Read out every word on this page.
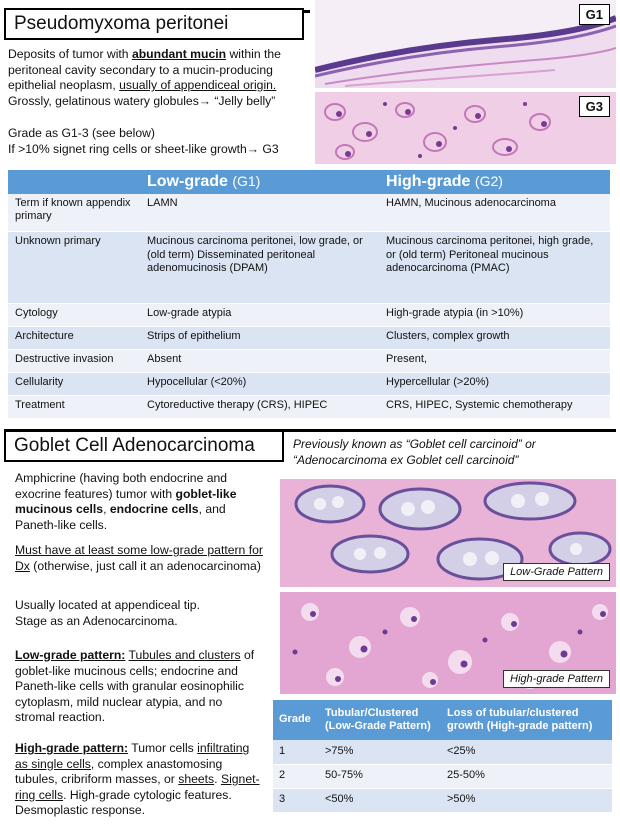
Pseudomyxoma peritonei
Deposits of tumor with abundant mucin within the peritoneal cavity secondary to a mucin-producing epithelial neoplasm, usually of appendiceal origin.
Grossly, gelatinous watery globules→ “Jelly belly”
Grade as G1-3 (see below)
If >10% signet ring cells or sheet-like growth→ G3
G1
G3
	Low-grade (G1)	High-grade (G2)
Term if known appendix primary	LAMN	HAMN, Mucinous adenocarcinoma
Unknown primary	Mucinous carcinoma peritonei, low grade, or (old term) Disseminated peritoneal adenomucinosis (DPAM)	Mucinous carcinoma peritonei, high grade, or (old term) Peritoneal mucinous adenocarcinoma (PMAC)
Cytology	Low-grade atypia	High-grade atypia (in >10%)
Architecture	Strips of epithelium	Clusters, complex growth
Destructive invasion	Absent	Present,
Cellularity	Hypocellular (<20%)	Hypercellular (>20%)
Treatment	Cytoreductive therapy (CRS), HIPEC	CRS, HIPEC, Systemic chemotherapy
Goblet Cell Adenocarcinoma	Previously known as “Goblet cell carcinoid” or “Adenocarcinoma ex Goblet cell carcinoid”
Amphicrine (having both endocrine and exocrine features) tumor with goblet-like mucinous cells, endocrine cells, and Paneth-like cells.
Must have at least some low-grade pattern for Dx (otherwise, just call it an adenocarcinoma)
Usually located at appendiceal tip.
Stage as an Adenocarcinoma.
Low-grade pattern: Tubules and clusters of goblet-like mucinous cells; endocrine and Paneth-like cells with granular eosinophilic cytoplasm, mild nuclear atypia, and no stromal reaction.
High-grade pattern: Tumor cells infiltrating as single cells, complex anastomosing tubules, cribriform masses, or sheets. Signet-ring cells. High-grade cytologic features. Desmoplastic response.
Low-Grade Pattern
High-grade Pattern
Grade	Tubular/Clustered (Low-Grade Pattern)	Loss of tubular/clustered growth (High-grade pattern)
1	>75%	<25%
2	50-75%	25-50%
3	<50%	>50%
